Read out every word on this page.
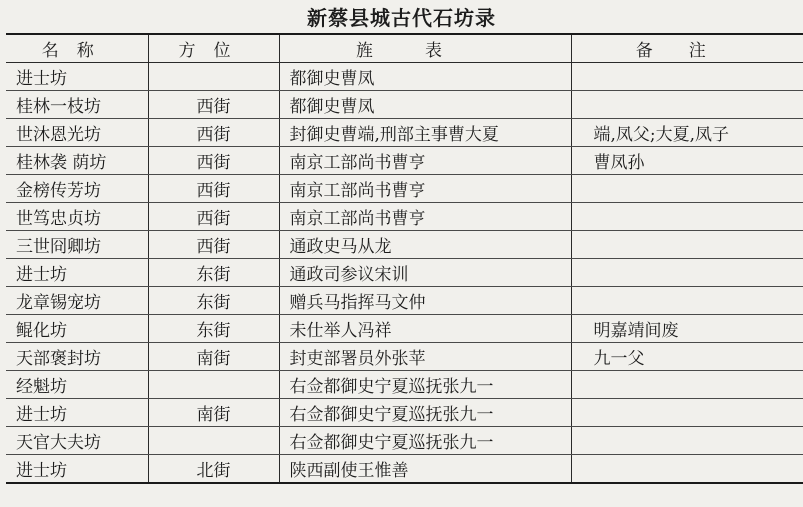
新蔡县城古代石坊录
名称	方位	旌表	备注
进士坊		都御史曹凤	
桂林一枝坊	西街	都御史曹凤	
世沐恩光坊	西街	封御史曹端,刑部主事曹大夏	端,凤父;大夏,凤子
桂林袭 荫坊	西街	南京工部尚书曹亨	曹凤孙
金榜传芳坊	西街	南京工部尚书曹亨	
世笃忠贞坊	西街	南京工部尚书曹亨	
三世冏卿坊	西街	通政史马从龙	
进士坊	东街	通政司参议宋训	
龙章锡宠坊	东街	赠兵马指挥马文仲	
鲲化坊	东街	未仕举人冯祥	明嘉靖间废
天部褒封坊	南街	封吏部署员外张苹	九一父
经魁坊		右佥都御史宁夏巡抚张九一	
进士坊	南街	右佥都御史宁夏巡抚张九一	
天官大夫坊		右佥都御史宁夏巡抚张九一	
进士坊	北街	陕西副使王惟善	
